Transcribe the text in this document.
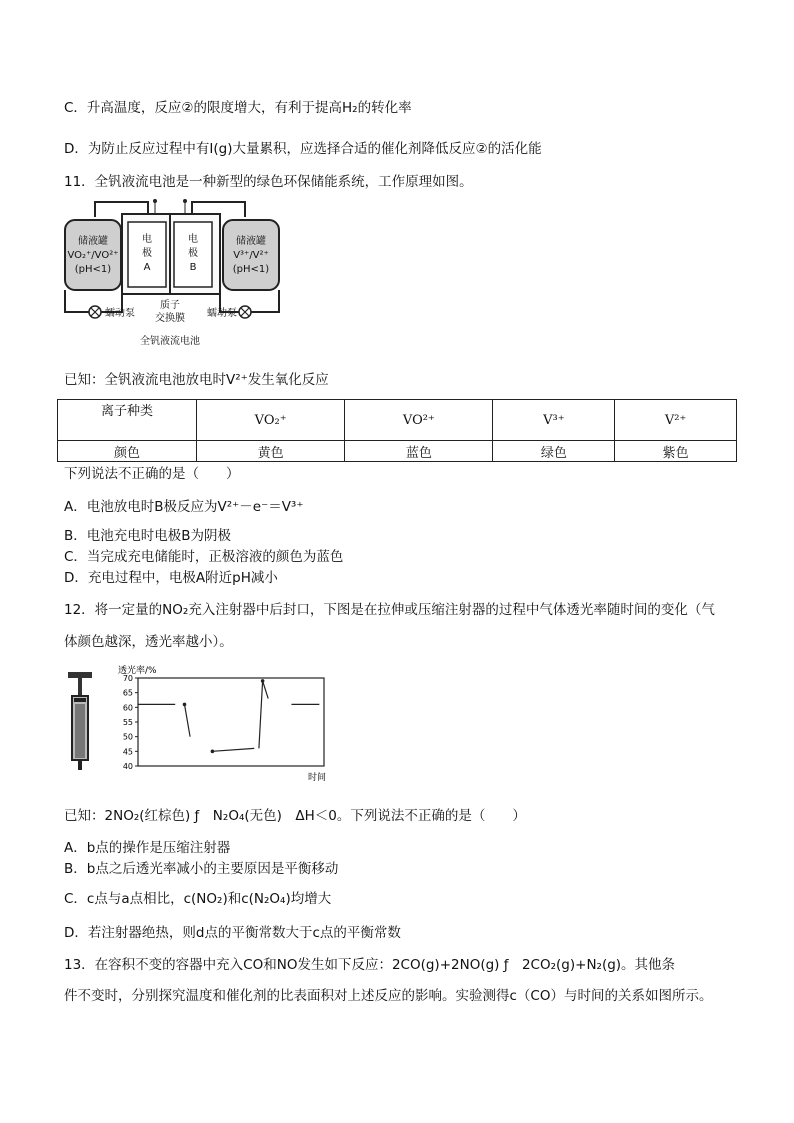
C．升高温度，反应②的限度增大，有利于提高H₂的转化率
D．为防止反应过程中有I(g)大量累积，应选择合适的催化剂降低反应②的活化能
11．全钒液流电池是一种新型的绿色环保储能系统，工作原理如图。
储液罐
VO₂⁺/VO²⁺
(pH<1)
储液罐
V³⁺/V²⁺
(pH<1)
电
极
A
电
极
B
质子
交换膜
蠕动泵	蠕动泵
全钒液流电池
已知：全钒液流电池放电时V²⁺发生氧化反应
离子种类	VO₂⁺	VO²⁺	V³⁺	V²⁺
颜色	黄色	蓝色	绿色	紫色
下列说法不正确的是（　　）
A．电池放电时B极反应为V²⁺－e⁻＝V³⁺
B．电池充电时电极B为阴极
C．当完成充电储能时，正极溶液的颜色为蓝色
D．充电过程中，电极A附近pH减小
12．将一定量的NO₂充入注射器中后封口，下图是在拉伸或压缩注射器的过程中气体透光率随时间的变化（气
体颜色越深，透光率越小）。
透光率/%
40
45
50
55
60
65
70
时间
已知：2NO₂(红棕色) ƒ　N₂O₄(无色)　ΔH＜0。下列说法不正确的是（　　）
A．b点的操作是压缩注射器
B．b点之后透光率减小的主要原因是平衡移动
C．c点与a点相比，c(NO₂)和c(N₂O₄)均增大
D．若注射器绝热，则d点的平衡常数大于c点的平衡常数
13．在容积不变的容器中充入CO和NO发生如下反应：2CO(g)+2NO(g) ƒ　2CO₂(g)+N₂(g)。其他条
件不变时，分别探究温度和催化剂的比表面积对上述反应的影响。实验测得c（CO）与时间的关系如图所示。
